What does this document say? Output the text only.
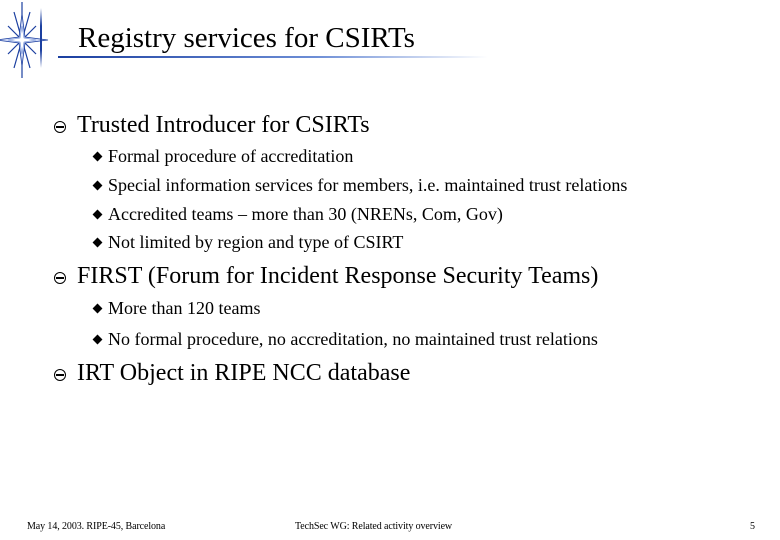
Registry services for CSIRTs
Trusted Introducer for CSIRTs
Formal procedure of accreditation
Special information services for members, i.e. maintained trust relations
Accredited teams – more than 30 (NRENs, Com, Gov)
Not limited by region and type of CSIRT
FIRST (Forum for Incident Response Security Teams)
More than 120 teams
No formal procedure, no accreditation, no maintained trust relations
IRT Object in RIPE NCC database
May 14, 2003. RIPE-45, Barcelona	TechSec WG: Related activity overview	5
